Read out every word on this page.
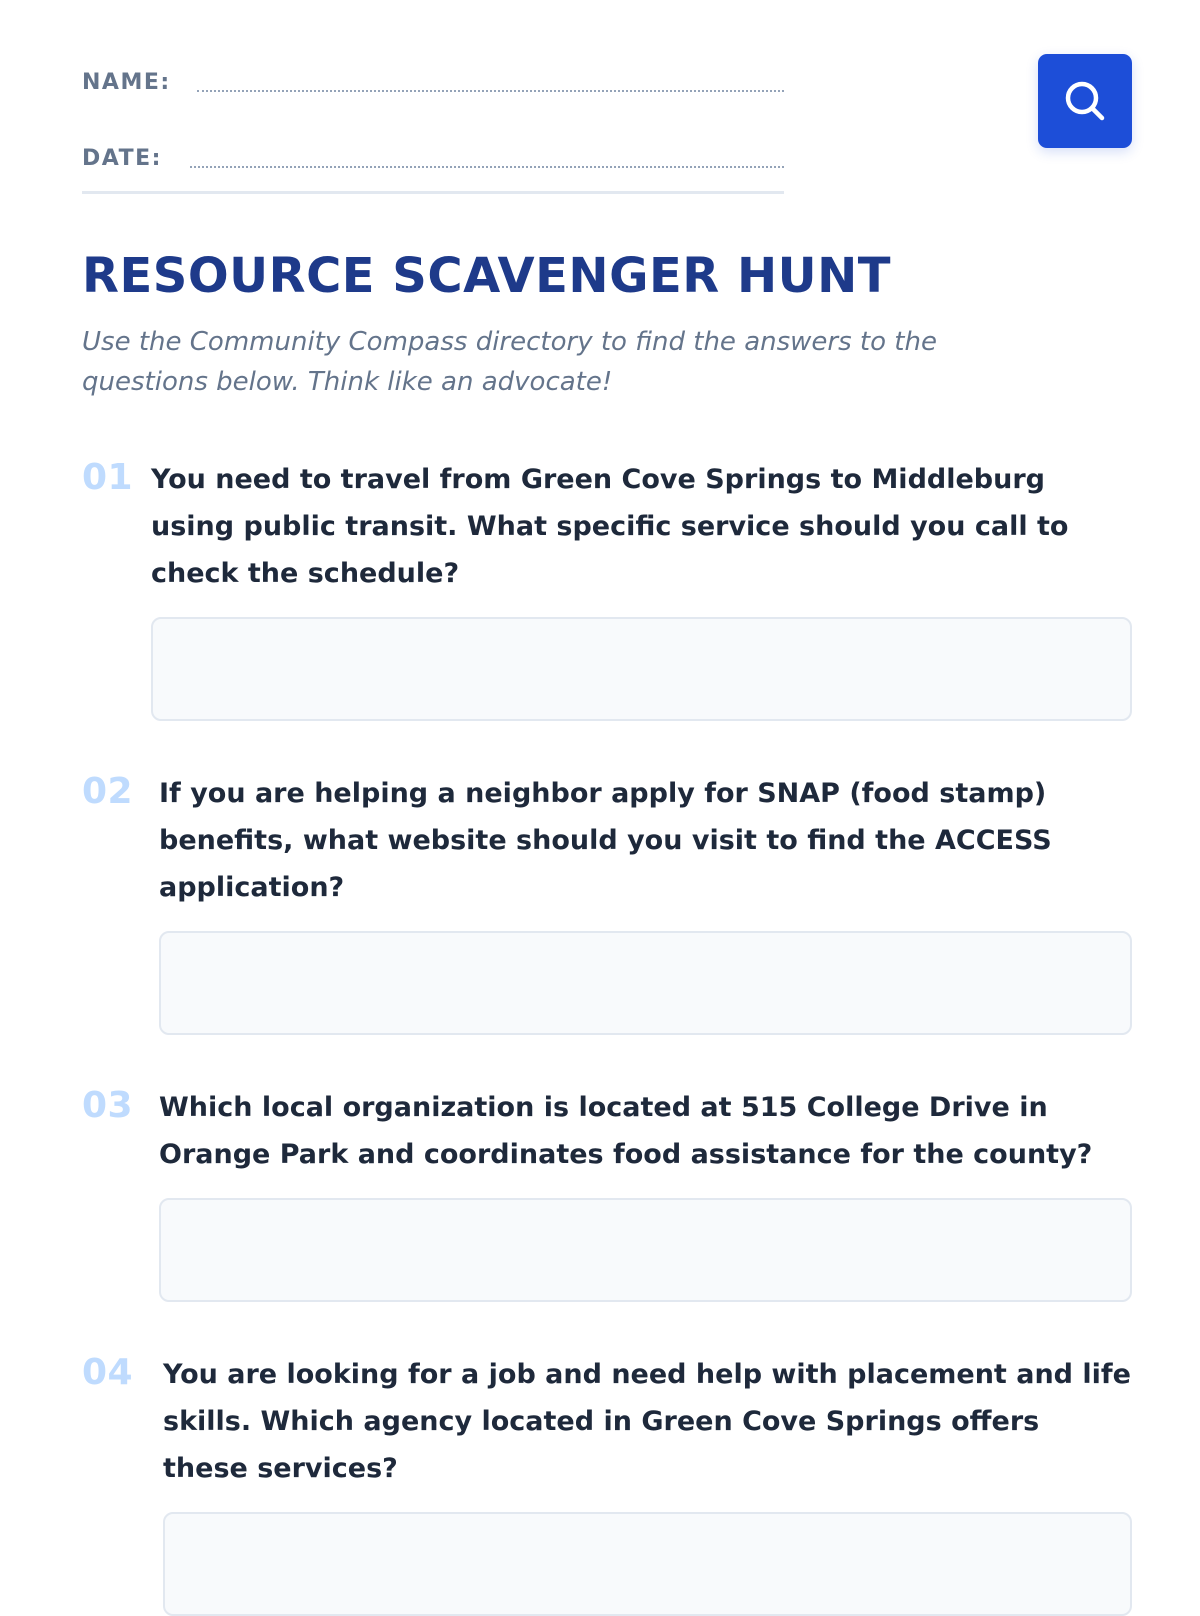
NAME:
DATE:
RESOURCE SCAVENGER HUNT

Use the Community Compass directory to find the answers to the questions below. Think like an advocate!

01 You need to travel from Green Cove Springs to Middleburg using public transit. What specific service should you call to check the schedule?

02 If you are helping a neighbor apply for SNAP (food stamp) benefits, what website should you visit to find the ACCESS application?

03 Which local organization is located at 515 College Drive in Orange Park and coordinates food assistance for the county?

04 You are looking for a job and need help with placement and life skills. Which agency located in Green Cove Springs offers these services?
